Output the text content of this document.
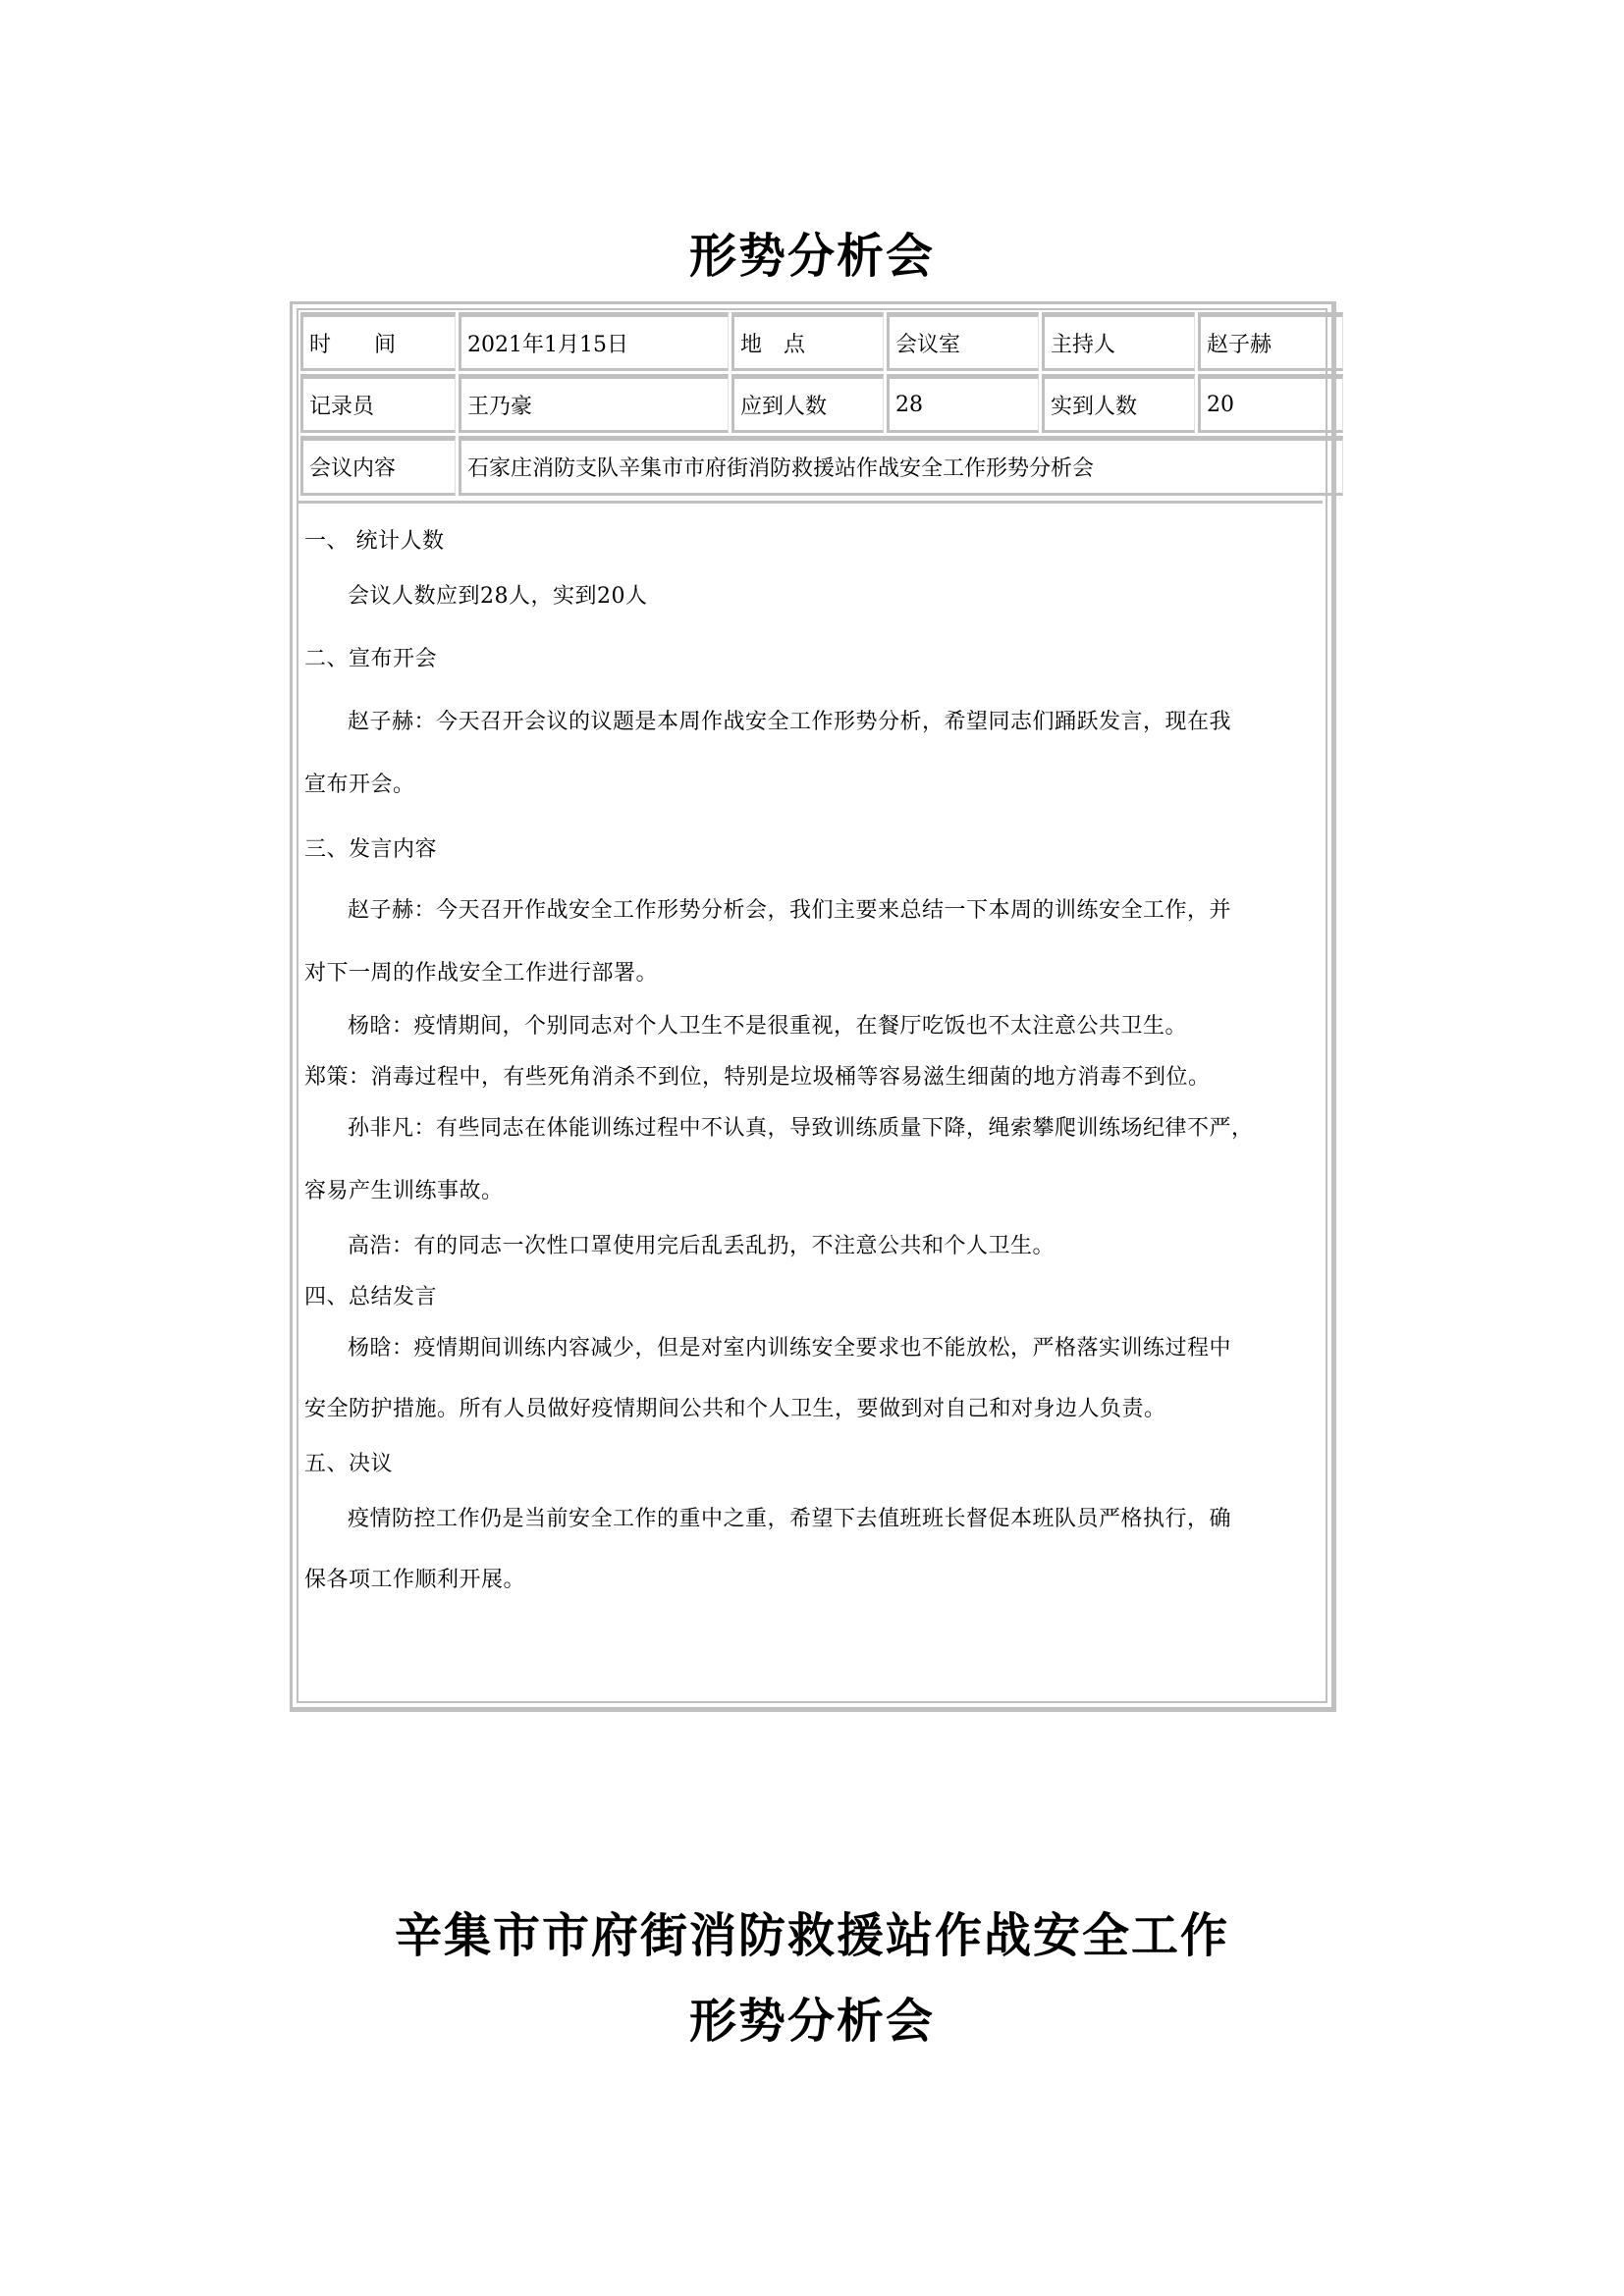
形势分析会
时　　间	2021年1月15日	地　点	会议室	主持人	赵子赫
记录员	王乃豪	应到人数	28	实到人数	20
会议内容	石家庄消防支队辛集市市府街消防救援站作战安全工作形势分析会				
一、 统计人数
会议人数应到28人，实到20人
二、宣布开会
赵子赫：今天召开会议的议题是本周作战安全工作形势分析，希望同志们踊跃发言，现在我
宣布开会。
三、发言内容
赵子赫：今天召开作战安全工作形势分析会，我们主要来总结一下本周的训练安全工作，并
对下一周的作战安全工作进行部署。
杨晗：疫情期间，个别同志对个人卫生不是很重视，在餐厅吃饭也不太注意公共卫生。
郑策：消毒过程中，有些死角消杀不到位，特别是垃圾桶等容易滋生细菌的地方消毒不到位。
孙非凡：有些同志在体能训练过程中不认真，导致训练质量下降，绳索攀爬训练场纪律不严，
容易产生训练事故。
高浩：有的同志一次性口罩使用完后乱丢乱扔，不注意公共和个人卫生。
四、总结发言
杨晗：疫情期间训练内容减少，但是对室内训练安全要求也不能放松，严格落实训练过程中
安全防护措施。所有人员做好疫情期间公共和个人卫生，要做到对自己和对身边人负责。
五、决议
疫情防控工作仍是当前安全工作的重中之重，希望下去值班班长督促本班队员严格执行，确
保各项工作顺利开展。
辛集市市府街消防救援站作战安全工作
形势分析会
